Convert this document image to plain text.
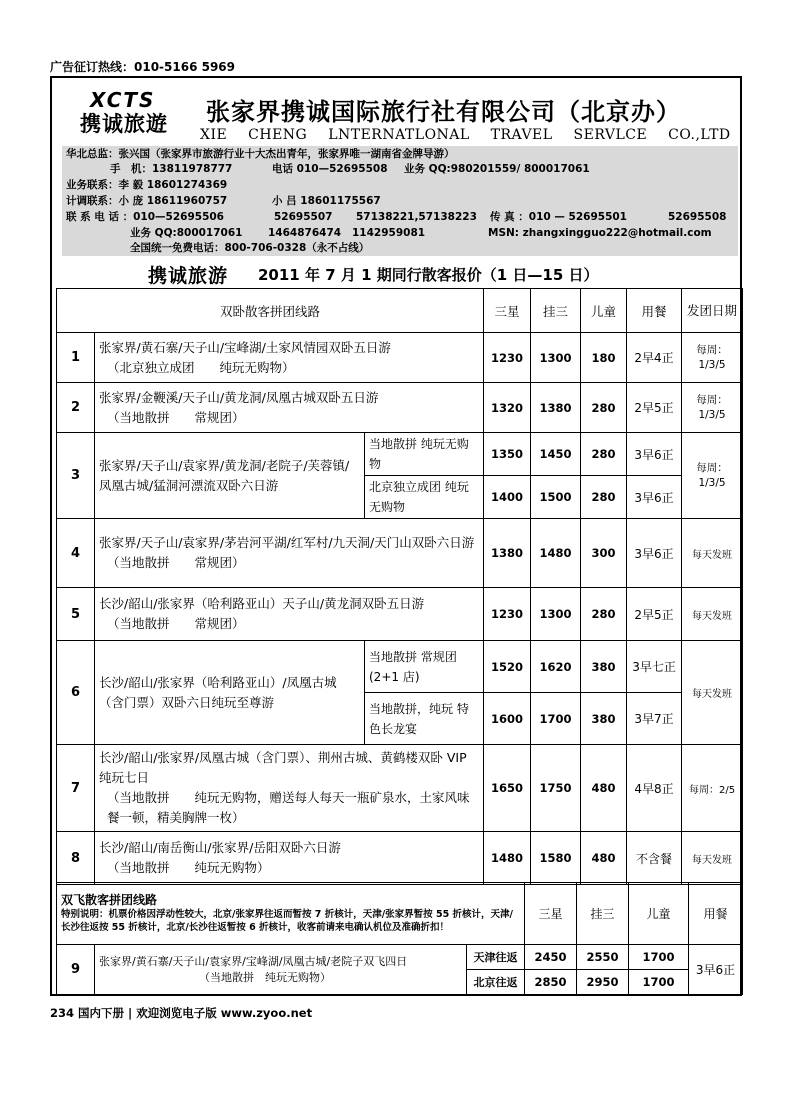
广告征订热线：010-5166 5969
XCTS
携诚旅遊 张家界携诚国际旅行社有限公司（北京办）
XIE CHENG LNTERNATLONAL TRAVEL SERVLCE CO.,LTD
华北总监：张兴国（张家界市旅游行业十大杰出青年，张家界唯一湖南省金牌导游）
手　机：13811978777	电话 010—52695508 业务 QQ:980201559/ 800017061
业务联系：李 毅 18601274369
计调联系：小 庞 18611960757	小 吕 18601175567
联 系 电 话 ：010—52695506	52695507 57138221,57138223 传 真 ：010 — 52695501	52695508
业务 QQ:800017061 1464876474 1142959081	MSN: zhangxingguo222@hotmail.com
全国统一免费电话：800-706-0328（永不占线）
携诚旅游 2011 年 7 月 1 期同行散客报价（1 日—15 日）
双卧散客拼团线路			三星	挂三	儿童	用餐	发团日期
1	张家界/黄石寨/天子山/宝峰湖/土家风情园双卧五日游
（北京独立成团　　纯玩无购物）		1230	1300	180	2早4正	每周：1/3/5
2	张家界/金鞭溪/天子山/黄龙洞/凤凰古城双卧五日游
（当地散拼　　常规团）		1320	1380	280	2早5正	每周：1/3/5
3	张家界/天子山/袁家界/黄龙洞/老院子/芙蓉镇/凤凰古城/猛洞河漂流双卧六日游	当地散拼 纯玩无购物	1350	1450	280	3早6正	每周：1/3/5
		北京独立成团 纯玩无购物	1400	1500	280	3早6正	
4	张家界/天子山/袁家界/茅岩河平湖/红军村/九天洞/天门山双卧六日游
（当地散拼　　常规团）		1380	1480	300	3早6正	每天发班
5	长沙/韶山/张家界（哈利路亚山）天子山/黄龙洞双卧五日游
（当地散拼　　常规团）		1230	1300	280	2早5正	每天发班
6	长沙/韶山/张家界（哈利路亚山）/凤凰古城（含门票）双卧六日纯玩至尊游	当地散拼 常规团(2+1 店)	1520	1620	380	3早七正	每天发班
		当地散拼，纯玩 特色长龙宴	1600	1700	380	3早7正	
7	长沙/韶山/张家界/凤凰古城（含门票）、荆州古城、黄鹤楼双卧 VIP 纯玩七日
（当地散拼　　纯玩无购物，赠送每人每天一瓶矿泉水，土家风味餐一顿，精美胸牌一枚）		1650	1750	480	4早8正	每周：2/5
8	长沙/韶山/南岳衡山/张家界/岳阳双卧六日游
（当地散拼　　纯玩无购物）		1480	1580	480	不含餐	每天发班
双飞散客拼团线路
特别说明：机票价格因浮动性较大，北京/张家界往返而暂按 7 折核计，天津/张家界暂按 55 折核计，天津/长沙往返按 55 折核计，北京/长沙往返暂按 6 折核计，收客前请来电确认机位及准确折扣！			三星	挂三	儿童	用餐
9	张家界/黄石寨/天子山/袁家界/宝峰湖/凤凰古城/老院子双飞四日
（当地散拼　纯玩无购物）	天津往返	2450	2550	1700	3早6正
		北京往返	2850	2950	1700	
234 国内下册 | 欢迎浏览电子版 www.zyoo.net
